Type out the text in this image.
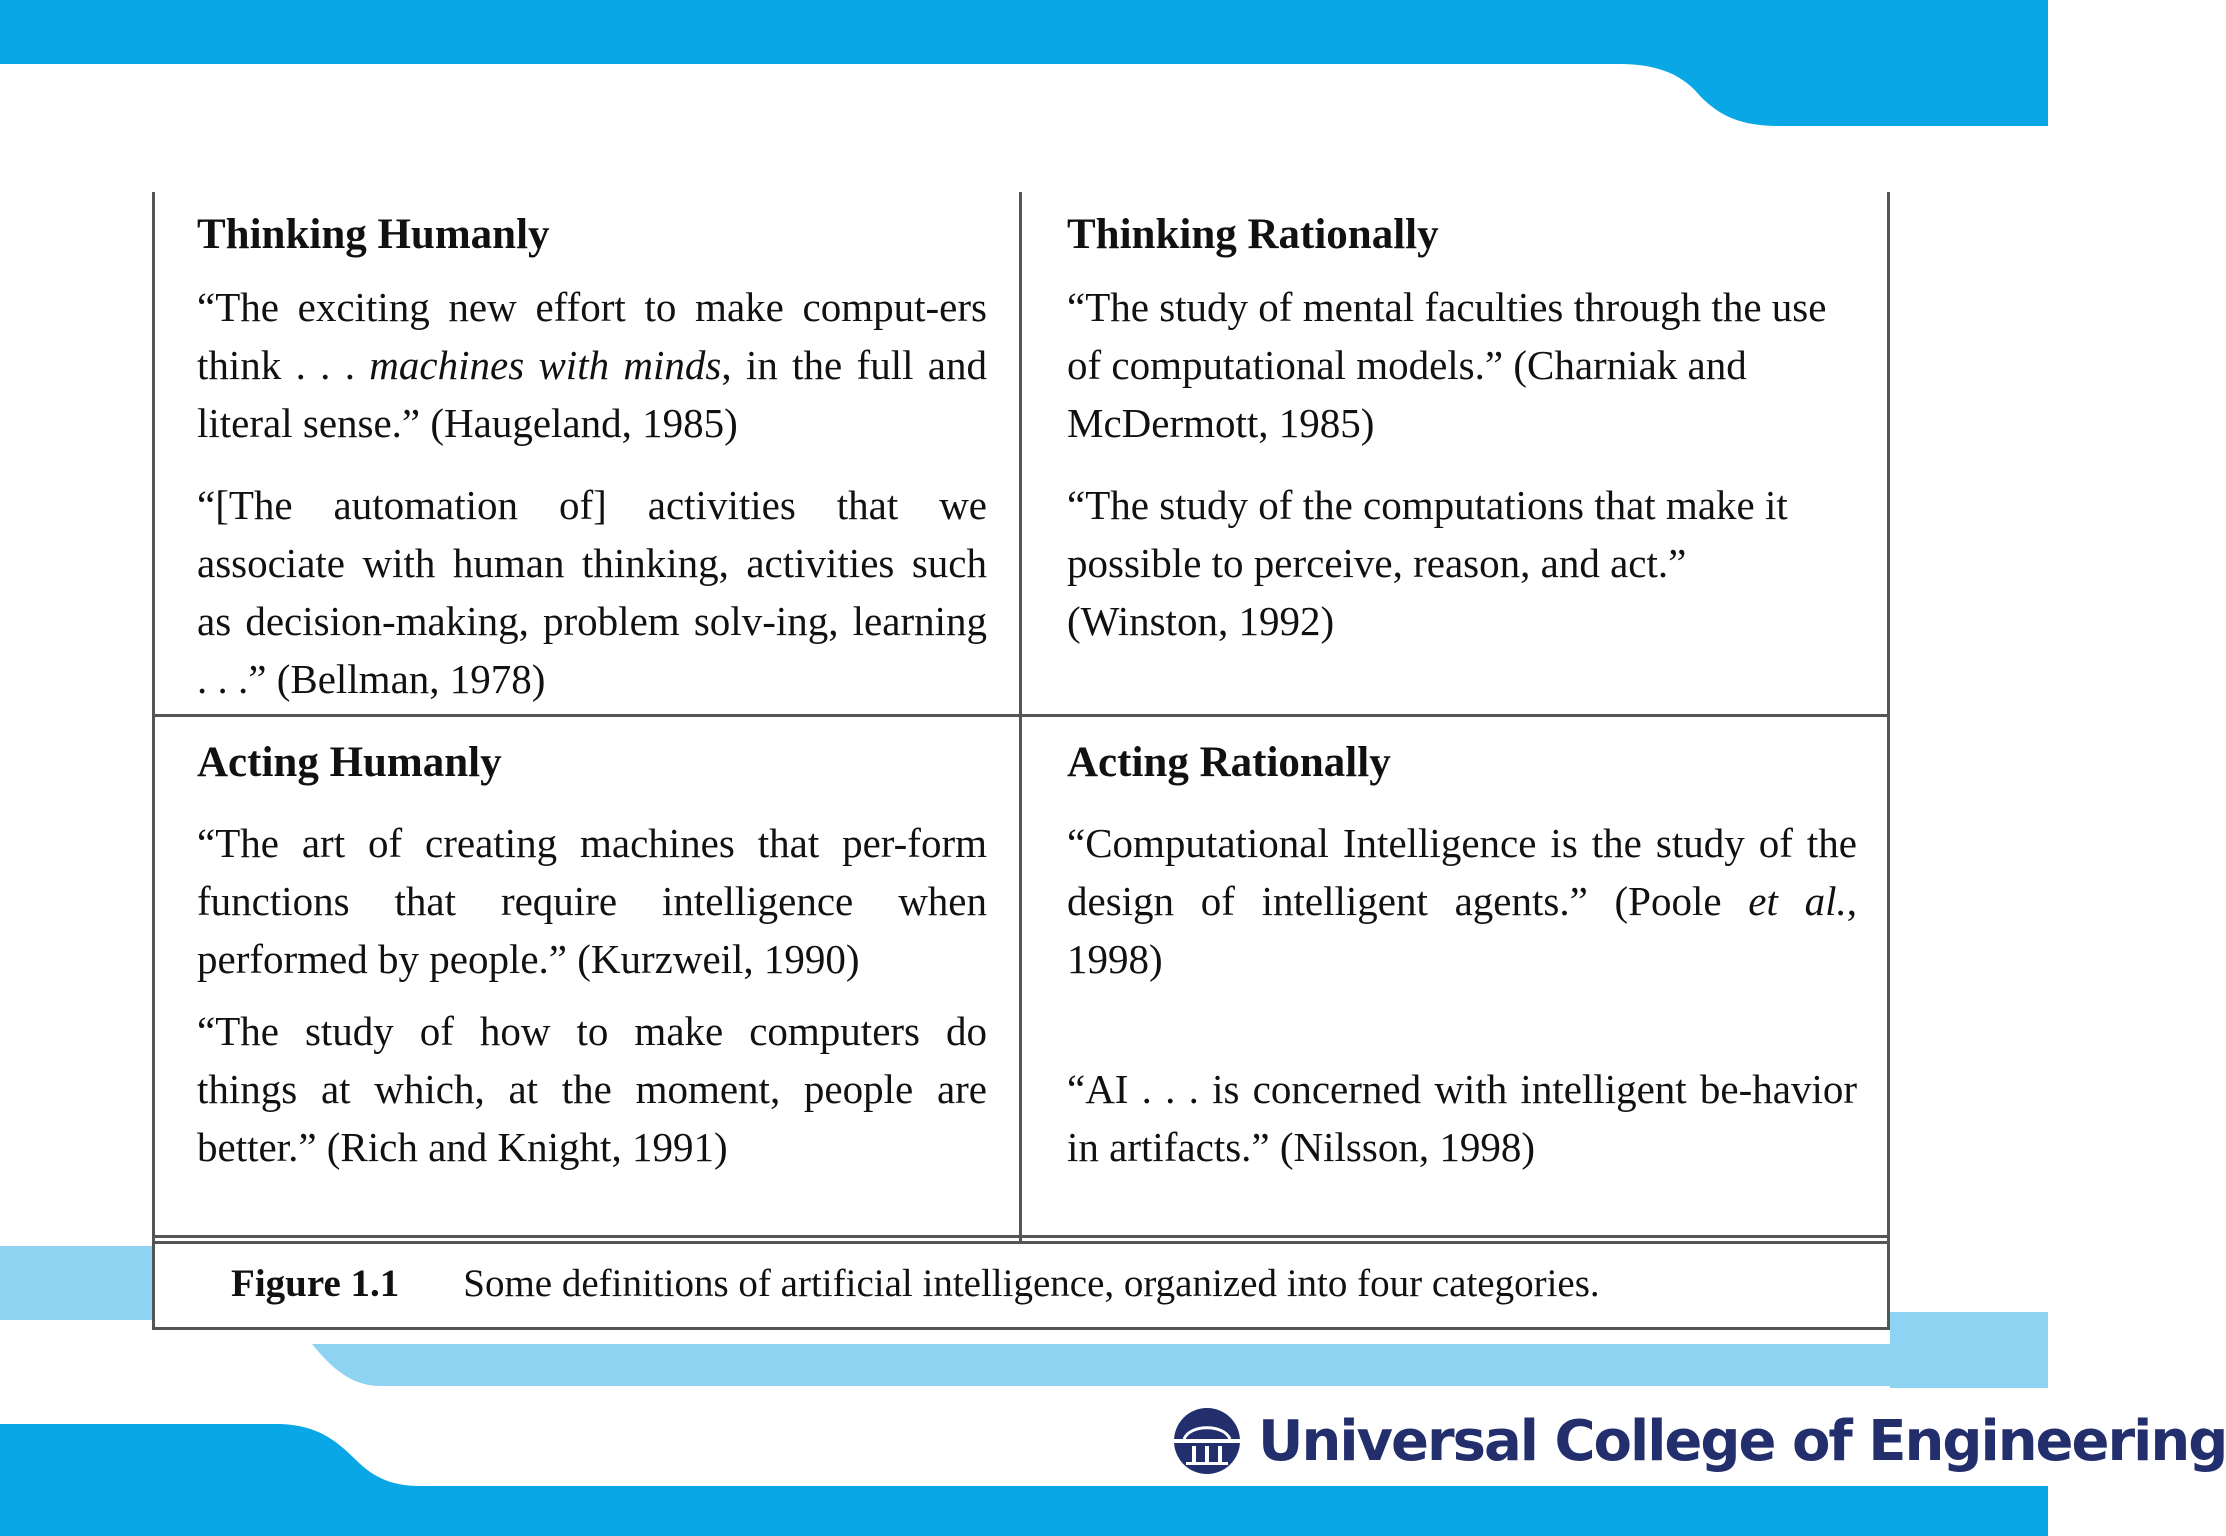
Thinking Humanly

“The exciting new effort to make comput-ers think . . . machines with minds, in the full and literal sense.” (Haugeland, 1985)

“[The automation of] activities that we associate with human thinking, activities such as decision-making, problem solv-ing, learning . . .” (Bellman, 1978)

Thinking Rationally

“The study of mental faculties through the use of computational models.” (Charniak and McDermott, 1985)

“The study of the computations that make it possible to perceive, reason, and act.” (Winston, 1992)

Acting Humanly

“The art of creating machines that per-form functions that require intelligence when performed by people.” (Kurzweil, 1990)

“The study of how to make computers do things at which, at the moment, people are better.” (Rich and Knight, 1991)

Acting Rationally

“Computational Intelligence is the study of the design of intelligent agents.” (Poole et al., 1998)

“AI . . . is concerned with intelligent be-havior in artifacts.” (Nilsson, 1998)

Figure 1.1 Some definitions of artificial intelligence, organized into four categories.
Universal College of Engineering
